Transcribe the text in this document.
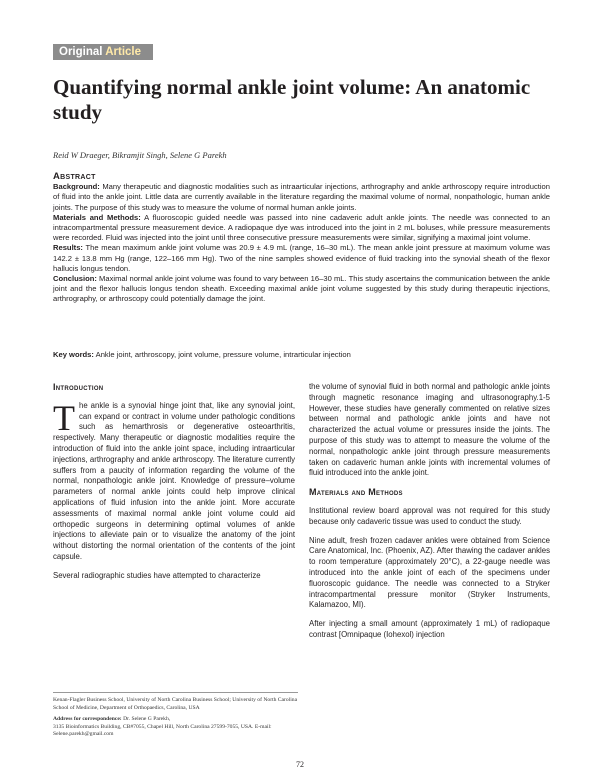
Original Article
Quantifying normal ankle joint volume: An anatomic study
Reid W Draeger, Bikramjit Singh, Selene G Parekh
Abstract

Background: Many therapeutic and diagnostic modalities such as intraarticular injections, arthrography and ankle arthroscopy require introduction of fluid into the ankle joint. Little data are currently available in the literature regarding the maximal volume of normal, nonpathologic, human ankle joints. The purpose of this study was to measure the volume of normal human ankle joints.

Materials and Methods: A fluoroscopic guided needle was passed into nine cadaveric adult ankle joints. The needle was connected to an intracompartmental pressure measurement device. A radiopaque dye was introduced into the joint in 2 mL boluses, while pressure measurements were recorded. Fluid was injected into the joint until three consecutive pressure measurements were similar, signifying a maximal joint volume.

Results: The mean maximum ankle joint volume was 20.9 ± 4.9 mL (range, 16–30 mL). The mean ankle joint pressure at maximum volume was 142.2 ± 13.8 mm Hg (range, 122–166 mm Hg). Two of the nine samples showed evidence of fluid tracking into the synovial sheath of the flexor hallucis longus tendon.

Conclusion: Maximal normal ankle joint volume was found to vary between 16–30 mL. This study ascertains the communication between the ankle joint and the flexor hallucis longus tendon sheath. Exceeding maximal ankle joint volume suggested by this study during therapeutic injections, arthrography, or arthroscopy could potentially damage the joint.

Key words: Ankle joint, arthroscopy, joint volume, pressure volume, intrarticular injection
Introduction

The ankle is a synovial hinge joint that, like any synovial joint, can expand or contract in volume under pathologic conditions such as hemarthrosis or degenerative osteoarthritis, respectively. Many therapeutic or diagnostic modalities require the introduction of fluid into the ankle joint space, including intraarticular injections, arthrography and ankle arthroscopy. The literature currently suffers from a paucity of information regarding the volume of the normal, nonpathologic ankle joint. Knowledge of pressure–volume parameters of normal ankle joints could help improve clinical applications of fluid infusion into the ankle joint. More accurate assessments of maximal normal ankle joint volume could aid orthopedic surgeons in determining optimal volumes of ankle injections to alleviate pain or to visualize the anatomy of the joint without distorting the normal orientation of the contents of the joint capsule.

Several radiographic studies have attempted to characterize

the volume of synovial fluid in both normal and pathologic ankle joints through magnetic resonance imaging and ultrasonography.1-5 However, these studies have generally commented on relative sizes between normal and pathologic ankle joints and have not characterized the actual volume or pressures inside the joints. The purpose of this study was to attempt to measure the volume of the normal, nonpathologic ankle joint through pressure measurements taken on cadaveric human ankle joints with incremental volumes of fluid introduced into the ankle joint.

Materials and Methods

Institutional review board approval was not required for this study because only cadaveric tissue was used to conduct the study.

Nine adult, fresh frozen cadaver ankles were obtained from Science Care Anatomical, Inc. (Phoenix, AZ). After thawing the cadaver ankles to room temperature (approximately 20°C), a 22-gauge needle was introduced into the ankle joint of each of the specimens under fluoroscopic guidance. The needle was connected to a Stryker intracompartmental pressure monitor (Stryker Instruments, Kalamazoo, MI).

After injecting a small amount (approximately 1 mL) of radiopaque contrast [Omnipaque (Iohexol) injection

Kenan-Flagler Business School, University of North Carolina Business School; University of North Carolina School of Medicine, Department of Orthopaedics, Carolina, USA

Address for correspondence: Dr. Selene G Parekh,
3135 Bioinformatics Building, CB#7055, Chapel Hill, North Carolina 27599-7055, USA. E-mail: Selene.parekh@gmail.com

72
